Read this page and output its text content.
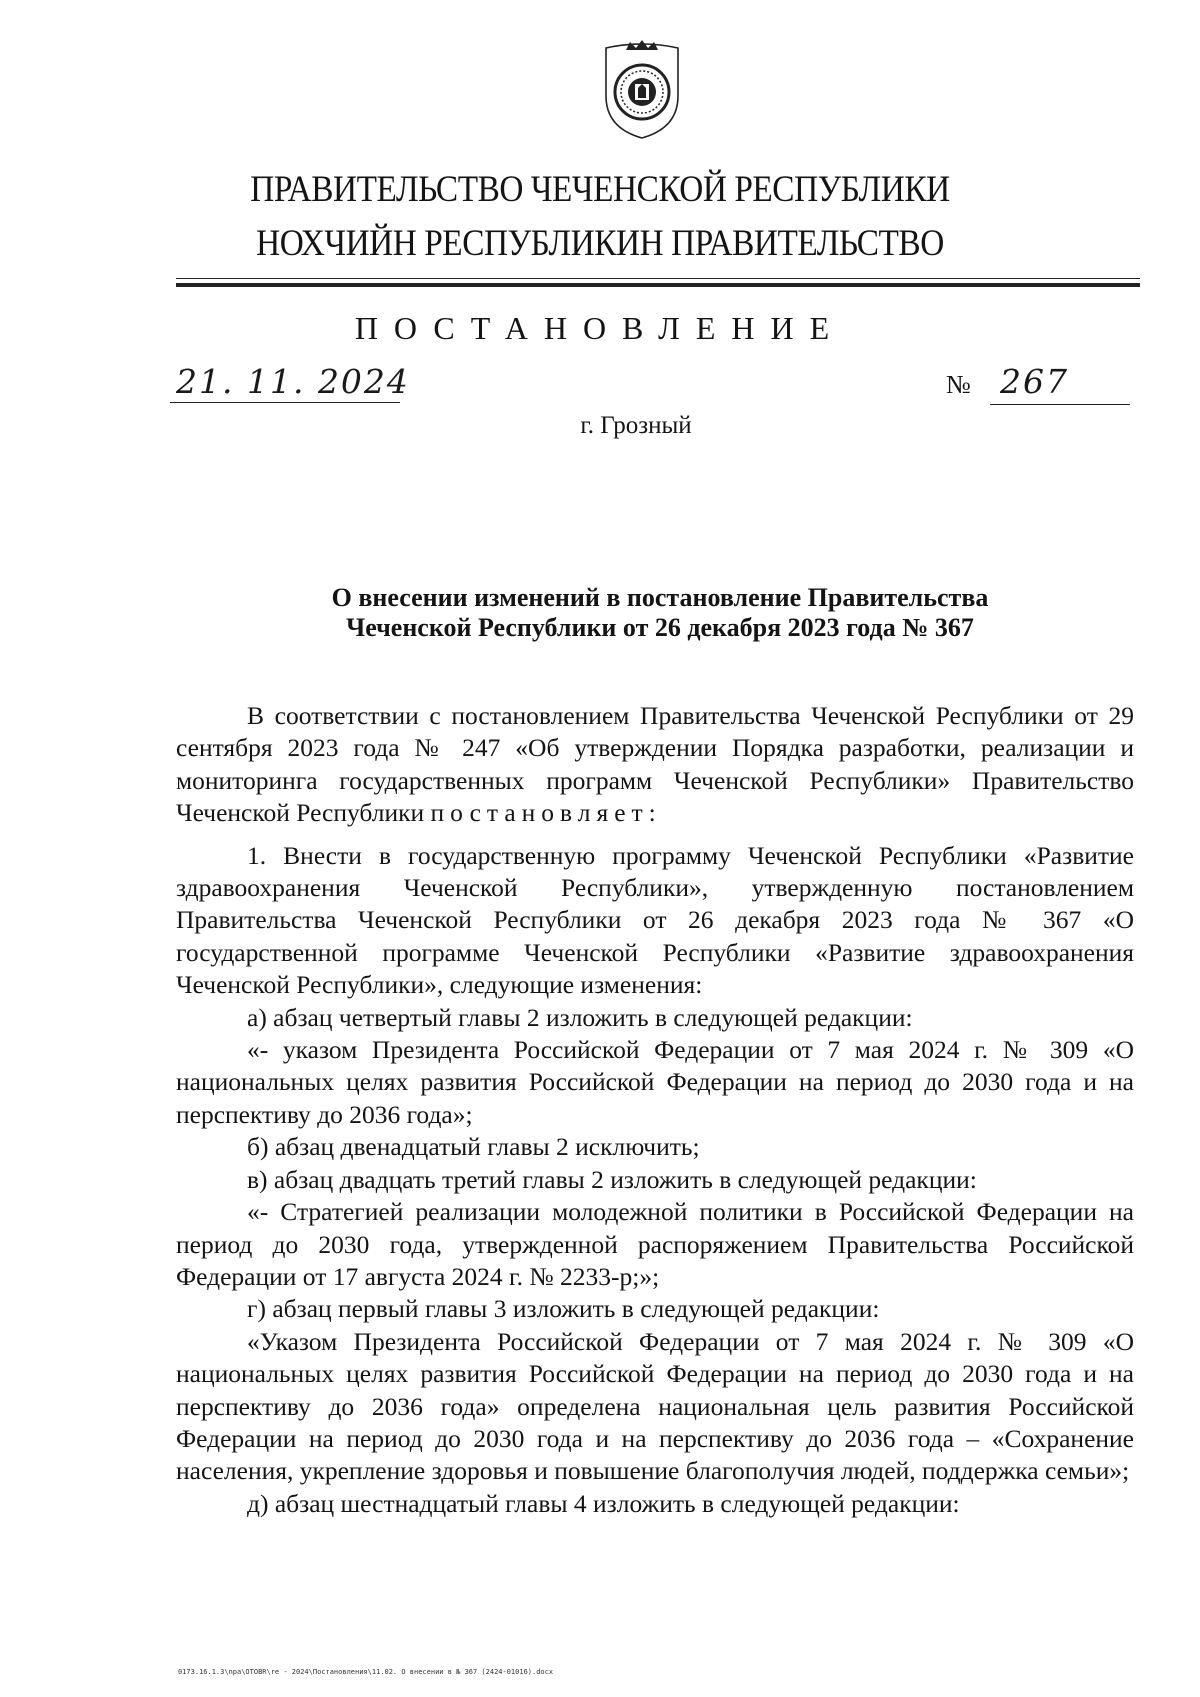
ПРАВИТЕЛЬСТВО ЧЕЧЕНСКОЙ РЕСПУБЛИКИ
НОХЧИЙН РЕСПУБЛИКИН ПРАВИТЕЛЬСТВО
ПОСТАНОВЛЕНИЕ
21. 11. 2024	№ 267
г. Грозный
О внесении изменений в постановление Правительства
Чеченской Республики от 26 декабря 2023 года № 367

В соответствии с постановлением Правительства Чеченской Республики от 29 сентября 2023 года № 247 «Об утверждении Порядка разработки, реализации и мониторинга государственных программ Чеченской Республики» Правительство Чеченской Республики постановляет:

1. Внести в государственную программу Чеченской Республики «Развитие здравоохранения Чеченской Республики», утвержденную постановлением Правительства Чеченской Республики от 26 декабря 2023 года № 367 «О государственной программе Чеченской Республики «Развитие здравоохранения Чеченской Республики», следующие изменения:

а) абзац четвертый главы 2 изложить в следующей редакции:

«- указом Президента Российской Федерации от 7 мая 2024 г. № 309 «О национальных целях развития Российской Федерации на период до 2030 года и на перспективу до 2036 года»;

б) абзац двенадцатый главы 2 исключить;

в) абзац двадцать третий главы 2 изложить в следующей редакции:

«- Стратегией реализации молодежной политики в Российской Федерации на период до 2030 года, утвержденной распоряжением Правительства Российской Федерации от 17 августа 2024 г. № 2233-р;»;

г) абзац первый главы 3 изложить в следующей редакции:

«Указом Президента Российской Федерации от 7 мая 2024 г. № 309 «О национальных целях развития Российской Федерации на период до 2030 года и на перспективу до 2036 года» определена национальная цель развития Российской Федерации на период до 2030 года и на перспективу до 2036 года – «Сохранение населения, укрепление здоровья и повышение благополучия людей, поддержка семьи»;

д) абзац шестнадцатый главы 4 изложить в следующей редакции:

0173.16.1.3\npa\OTOBR\re - 2024\Постановления\11.02. О внесении в № 367 (2424-01016).docx
